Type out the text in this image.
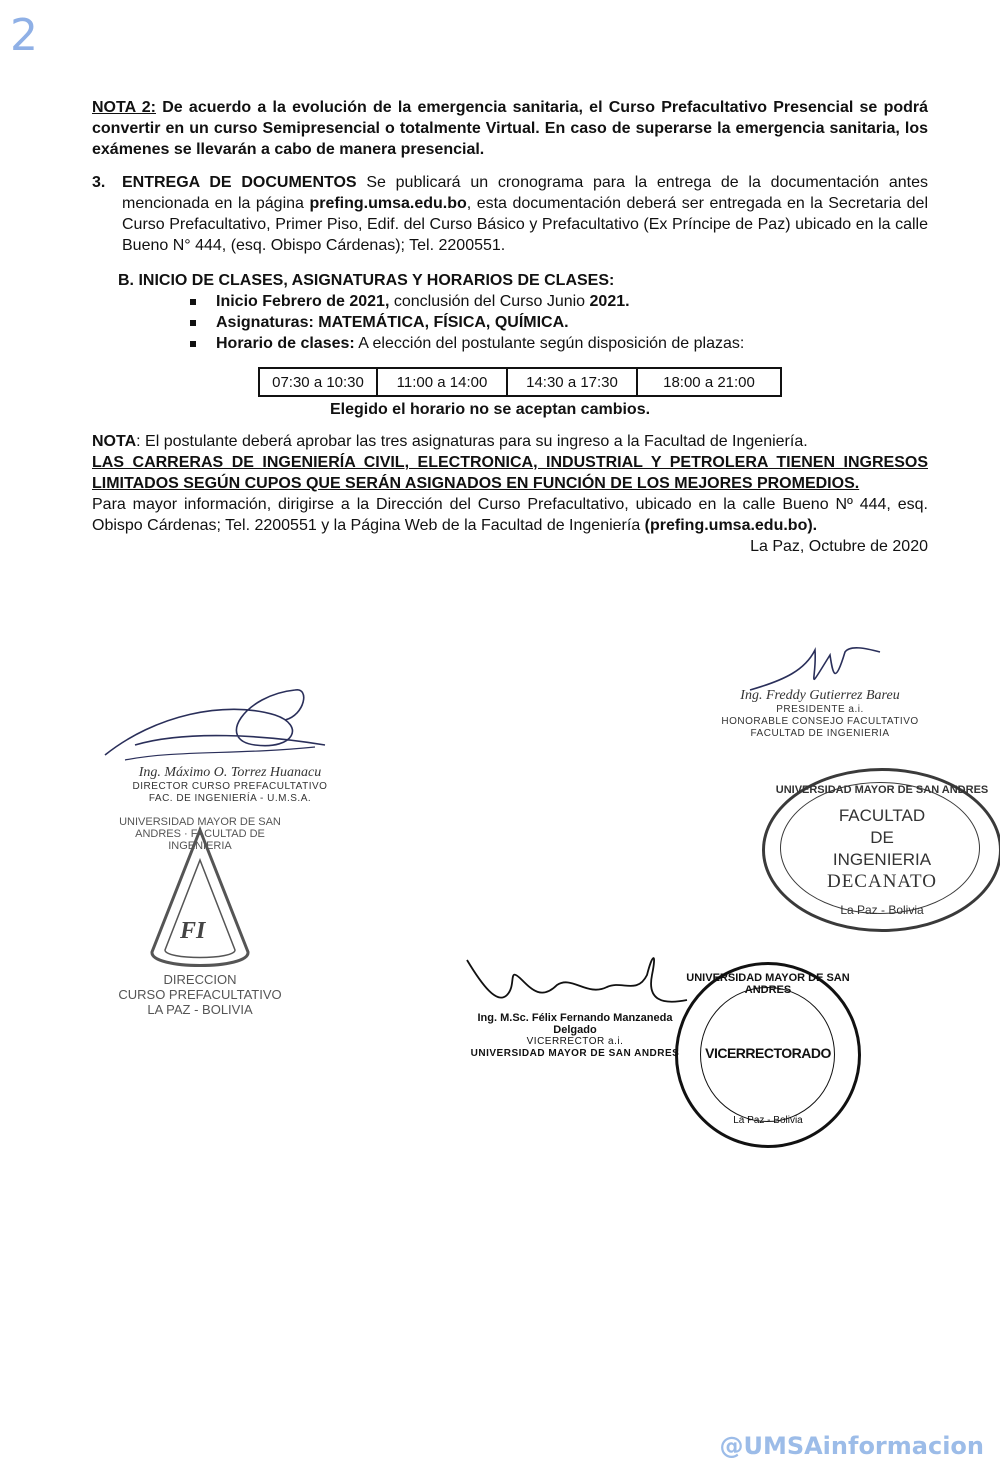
2
NOTA 2: De acuerdo a la evolución de la emergencia sanitaria, el Curso Prefacultativo Presencial se podrá convertir en un curso Semipresencial o totalmente Virtual. En caso de superarse la emergencia sanitaria, los exámenes se llevarán a cabo de manera presencial.
3. ENTREGA DE DOCUMENTOS Se publicará un cronograma para la entrega de la documentación antes mencionada en la página prefing.umsa.edu.bo, esta documentación deberá ser entregada en la Secretaria del Curso Prefacultativo, Primer Piso, Edif. del Curso Básico y Prefacultativo (Ex Príncipe de Paz) ubicado en la calle Bueno N° 444, (esq. Obispo Cárdenas); Tel. 2200551.
B. INICIO DE CLASES, ASIGNATURAS Y HORARIOS DE CLASES:
Inicio Febrero de 2021, conclusión del Curso Junio 2021.
Asignaturas: MATEMÁTICA, FÍSICA, QUÍMICA.
Horario de clases: A elección del postulante según disposición de plazas:
07:30 a 10:30	11:00 a 14:00	14:30 a 17:30	18:00 a 21:00
Elegido el horario no se aceptan cambios.
NOTA: El postulante deberá aprobar las tres asignaturas para su ingreso a la Facultad de Ingeniería.
LAS CARRERAS DE INGENIERÍA CIVIL, ELECTRONICA, INDUSTRIAL Y PETROLERA TIENEN INGRESOS LIMITADOS SEGÚN CUPOS QUE SERÁN ASIGNADOS EN FUNCIÓN DE LOS MEJORES PROMEDIOS.
Para mayor información, dirigirse a la Dirección del Curso Prefacultativo, ubicado en la calle Bueno Nº 444, esq. Obispo Cárdenas; Tel. 2200551 y la Página Web de la Facultad de Ingeniería (prefing.umsa.edu.bo).
La Paz, Octubre de 2020
Ing. Máximo O. Torrez Huanacu
DIRECTOR CURSO PREFACULTATIVO
FAC. DE INGENIERÍA - U.M.S.A.
UNIVERSIDAD MAYOR DE SAN ANDRES · FACULTAD DE INGENIERIA
FI
DIRECCION
CURSO PREFACULTATIVO
LA PAZ - BOLIVIA
Ing. Freddy Gutierrez Bareu
PRESIDENTE a.i.
HONORABLE CONSEJO FACULTATIVO
FACULTAD DE INGENIERIA
UNIVERSIDAD MAYOR DE SAN ANDRES
FACULTAD
DE
INGENIERIA
DECANATO
La Paz - Bolivia
Ing. M.Sc. Félix Fernando Manzaneda Delgado
VICERRECTOR a.i.
UNIVERSIDAD MAYOR DE SAN ANDRES
UNIVERSIDAD MAYOR DE SAN ANDRES
VICERRECTORADO
La Paz - Bolivia
@UMSAinformacion
